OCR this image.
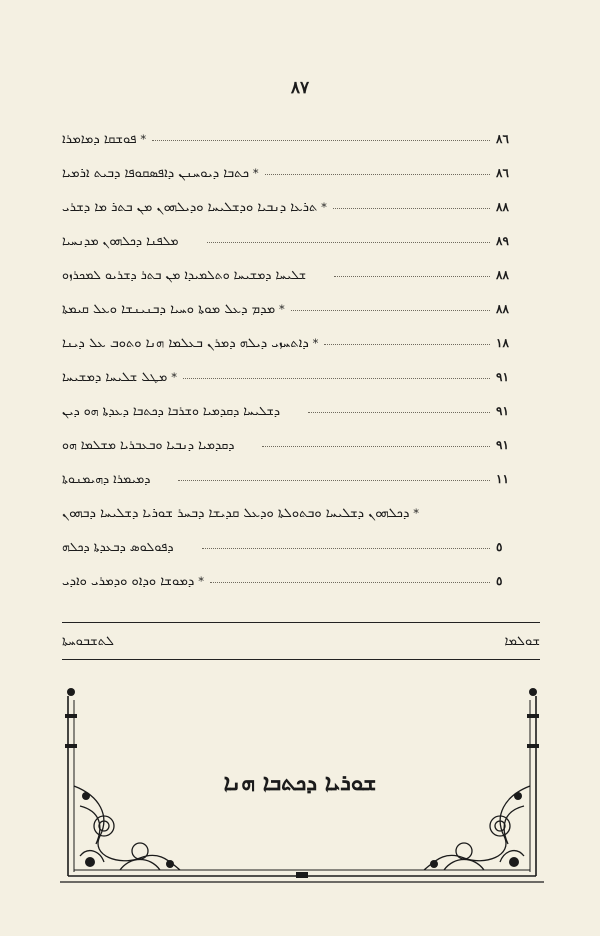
٨٧
٨٦
ܦܘܫܩܐ ܕܡܐܡܪܐ *
٨٦
ܟܬܒܐ ܕܝܘܚܢܢ ܕܐܦܣܩܘܦܐ ܕܒܝܬ ܐܪܡܝܐ *
٨٨
ܬܪܥܐ ܕܢܒܝܐ ܘܕܫܠܝܚܐ ܘܕܝܠܗܘܢ ܡܢ ܒܬܪ ܡܐ ܕܫܪܝ *
٨٩
ܡܠܦܢܐ ܕܟܠܗܘܢ ܡܕܢܚܝܐ
٨٨
ܫܠܝܚܐ ܕܡܫܝܚܐ ܘܬܠܡܝܕܐ ܡܢ ܒܬܪ ܕܫܪܝܘ ܠܡܟܪܙܘ
٨٨
ܡܕܡ ܕܥܠ ܡܘܬܐ ܘܚܝܐ ܕܒܢܝܢܫܐ ܘܥܠ ܩܝܡܬܐ *
١٨
ܕܐܬܚܙܝ ܕܝܠܗ ܕܡܪܢ ܒܥܠܡܐ ܗܢܐ ܘܬܘܒ ܥܠ ܕܝܢܐ *
٩١
ܡܛܠ ܫܠܝܚܐ ܕܡܫܝܚܐ *
٩١
ܕܫܠܝܚܐ ܕܩܕܡܝܐ ܘܫܪܒܐ ܕܟܬܒܐ ܕܥܕܬܐ ܗܘ ܕܝܢ
٩١
ܕܩܕܡܝܐ ܕܢܒܝܐ ܘܒܥܒܪܝܐ ܡܫܠܡܐ ܗܘ
١١
ܕܡܝܡܪܐ ܕܗܝܡܢܘܬܐ
ܕܟܠܗܘܢ ܕܫܠܝܚܐ ܘܒܬܘܠܬܐ ܘܕܥܠ ܩܕܝܫܐ ܕܒܚܪ ܫܘܪܝܐ ܕܫܠܝܚܐ ܕܒܗܘܢ *
٥
ܕܦܘܠܘܣ ܕܒܥܕܬܐ ܕܟܠܗ
٥
ܕܡܘܫܐ ܘܕܐܘ ܘܕܡܪܝ ܘܐܕܝ *
ܠܬܫܒܘܚܬܐ	ܫܘܠܡܐ
ܫܘܪܝܐ ܕܟܬܒܐ ܗܢܐ
